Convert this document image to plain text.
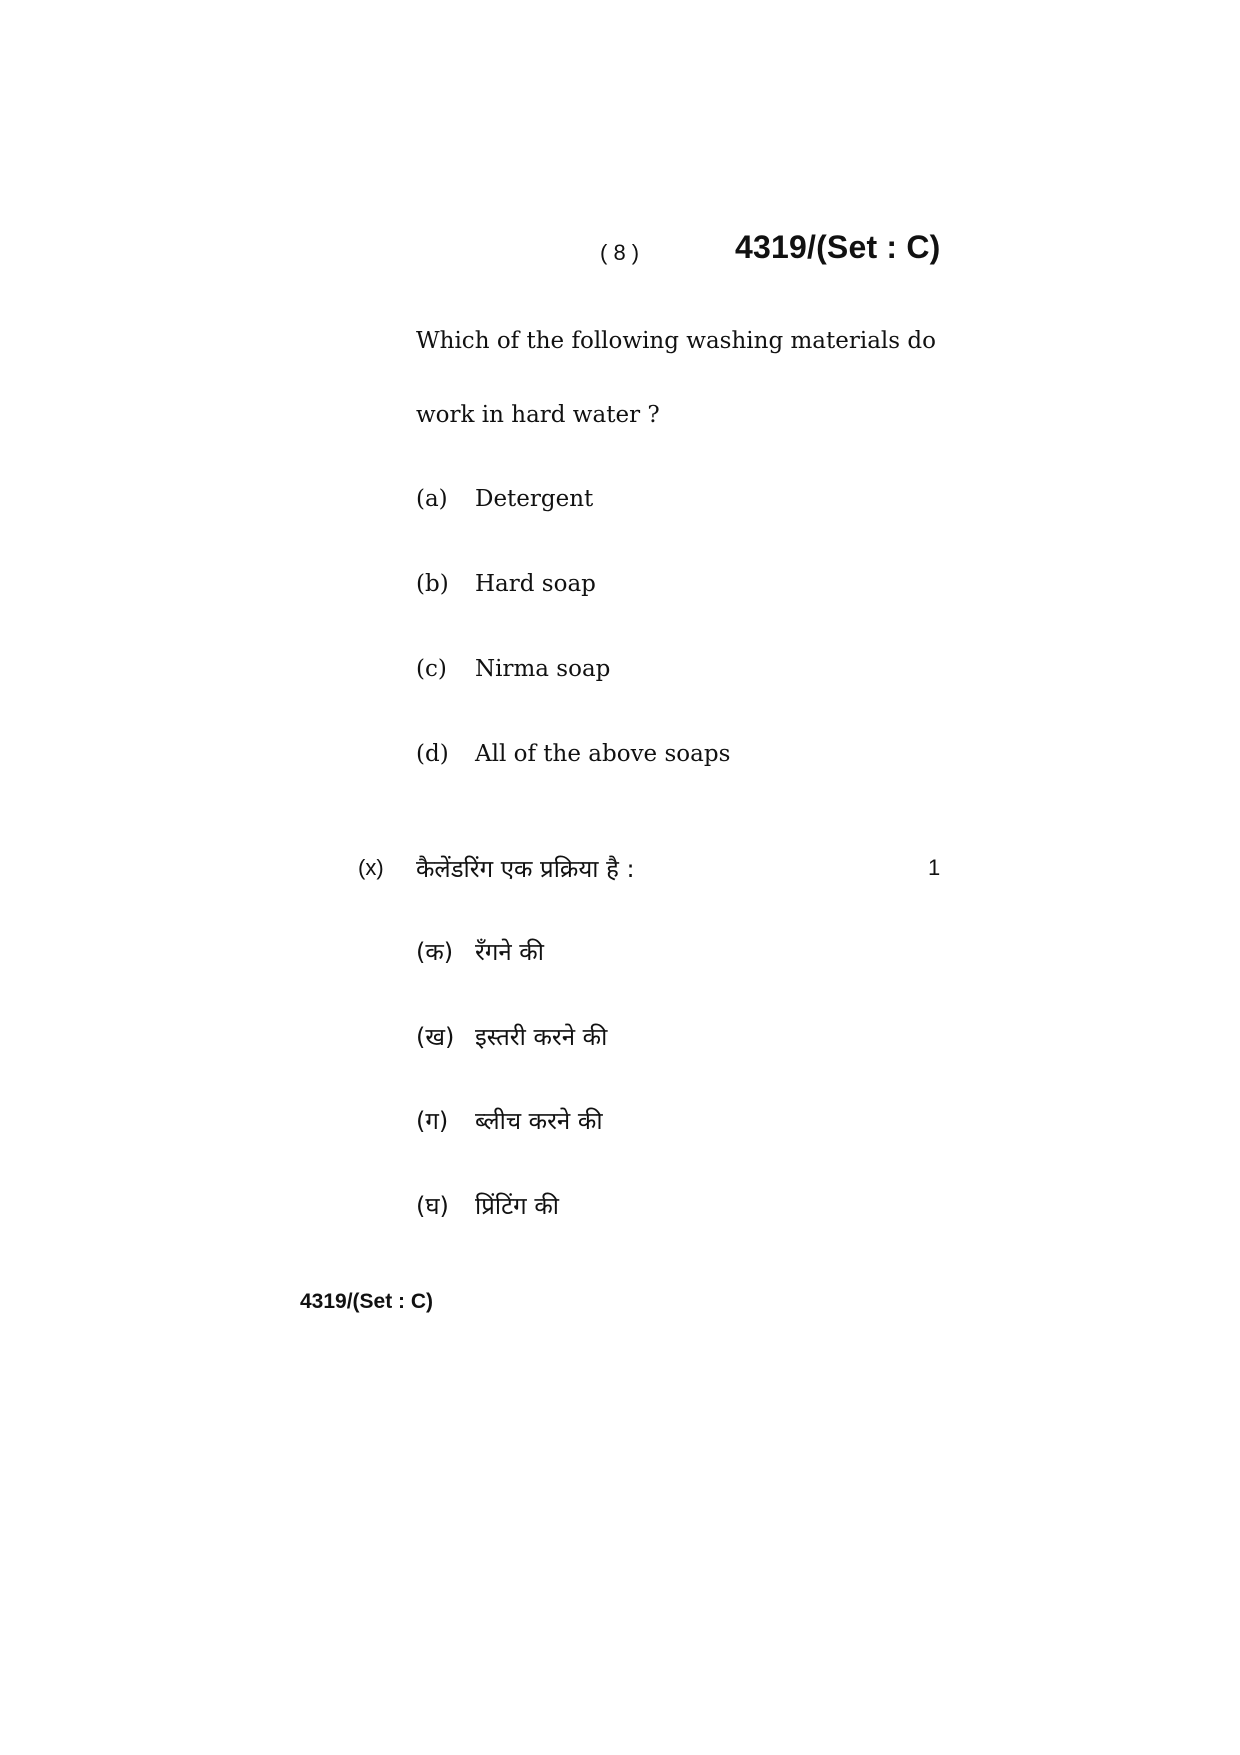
( 8 )	4319/(Set : C)
Which of the following washing materials do
work in hard water ?
(a) Detergent
(b) Hard soap
(c) Nirma soap
(d) All of the above soaps
(x) कैलेंडरिंग एक प्रक्रिया है :	1
(क) रँगने की
(ख) इस्तरी करने की
(ग) ब्लीच करने की
(घ) प्रिंटिंग की
4319/(Set : C)
